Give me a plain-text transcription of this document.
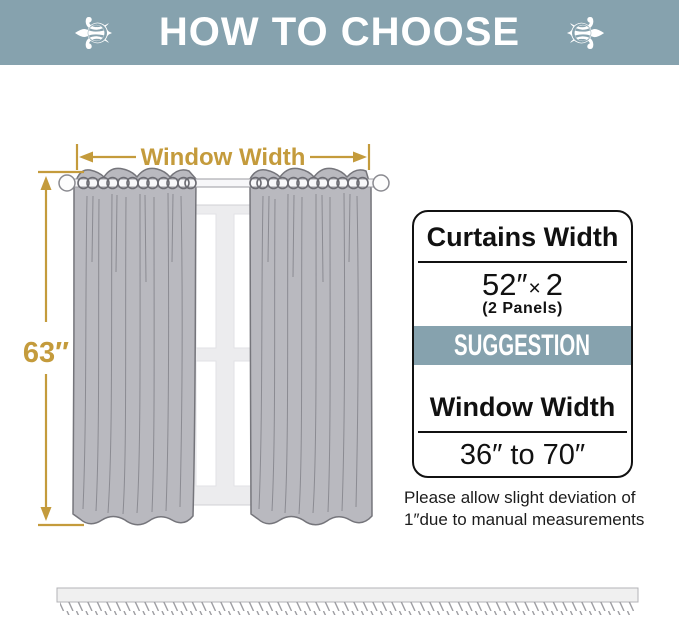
Window Width
63″
⚜ HOW TO CHOOSE ⚜
Curtains Width
52″× 2
(2 Panels)
SUGGESTION
Window Width
36″ to 70″
Please allow slight deviation of
1″due to manual measurements
